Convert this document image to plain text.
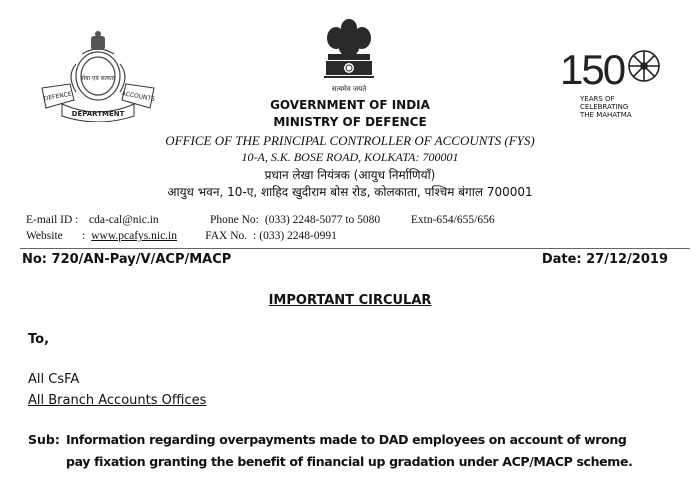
सेवा एवं सत्यता
DEFENCE	ACCOUNTS
DEPARTMENT
सत्यमेव जयते	150
YEARS OF
CELEBRATING
THE MAHATMA
GOVERNMENT OF INDIA
MINISTRY OF DEFENCE
OFFICE OF THE PRINCIPAL CONTROLLER OF ACCOUNTS (FYS)
10-A, S.K. BOSE ROAD, KOLKATA: 700001
प्रधान लेखा नियंत्रक (आयुध निर्माणियाँ)
आयुध भवन, 10-ए, शाहिद खुदीराम बोस रोड, कोलकाता, पश्चिम बंगाल 700001
E-mail ID : cda-cal@nic.in	Phone No: (033) 2248-5077 to 5080	Extn-654/655/656
Website	: www.pcafys.nic.in	FAX No. : (033) 2248-0991
No: 720/AN-Pay/V/ACP/MACP	Date: 27/12/2019
IMPORTANT CIRCULAR
To,
All CsFA
All Branch Accounts Offices
Sub: Information regarding overpayments made to DAD employees on account of wrong
pay fixation granting the benefit of financial up gradation under ACP/MACP scheme.
